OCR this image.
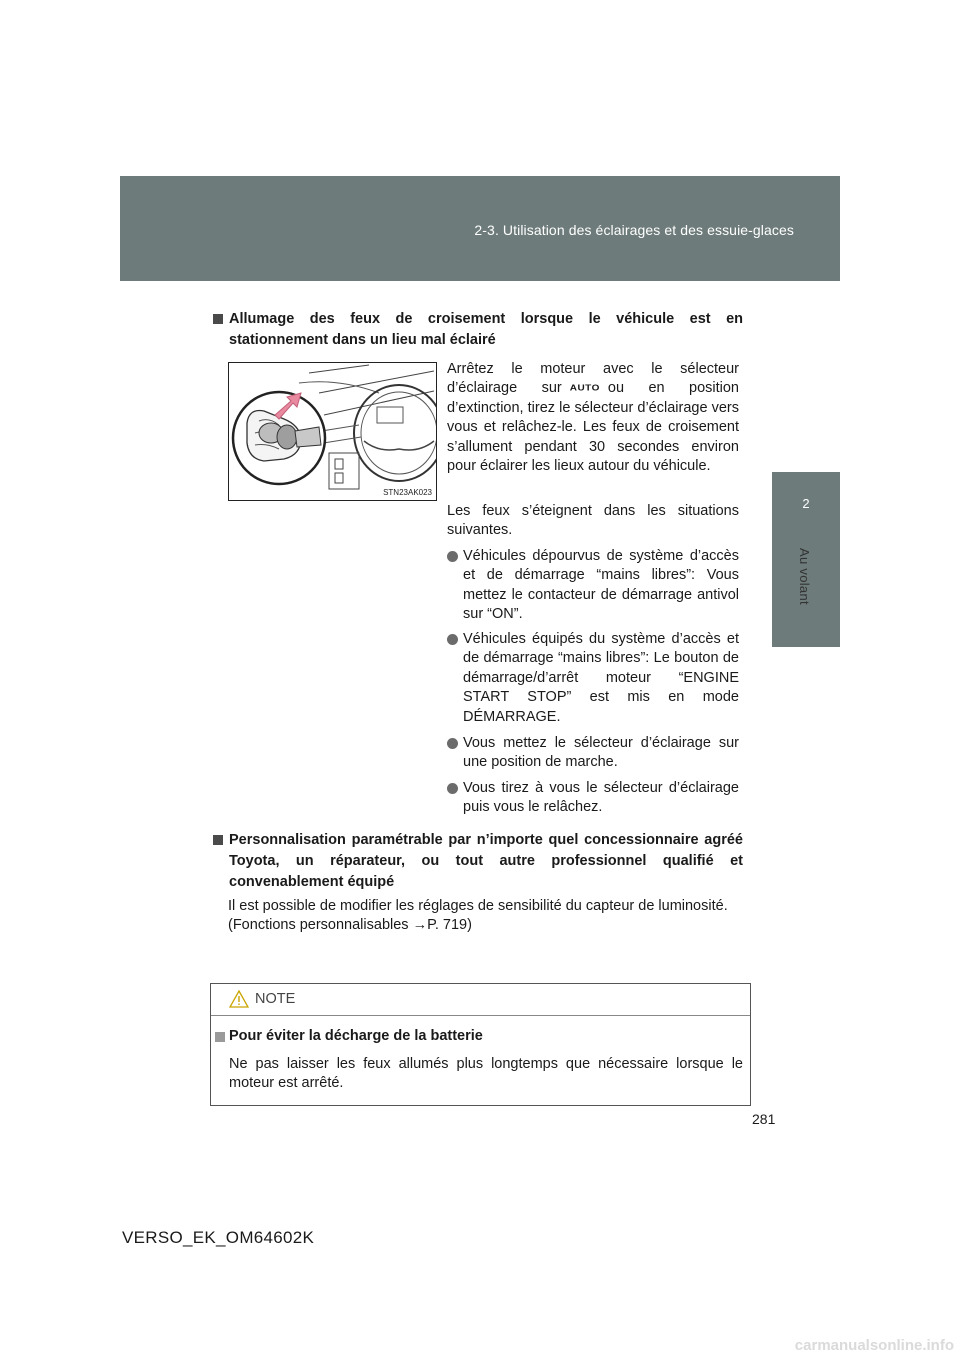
2-3. Utilisation des éclairages et des essuie-glaces
2
Au volant
Allumage des feux de croisement lorsque le véhicule est en stationnement dans un lieu mal éclairé
STN23AK023
Arrêtez le moteur avec le sélecteur d’éclairage sur AUTO ou en position d’extinction, tirez le sélecteur d’éclairage vers vous et relâchez-le. Les feux de croisement s’allument pendant 30 secondes environ pour éclairer les lieux autour du véhicule.
Les feux s’éteignent dans les situations suivantes.
Véhicules dépourvus de système d’accès et de démarrage “mains libres”: Vous mettez le contacteur de démarrage antivol sur “ON”.
Véhicules équipés du système d’accès et de démarrage “mains libres”: Le bouton de démarrage/d’arrêt moteur “ENGINE START STOP” est mis en mode DÉMARRAGE.
Vous mettez le sélecteur d’éclairage sur une position de marche.
Vous tirez à vous le sélecteur d’éclairage puis vous le relâchez.
Personnalisation paramétrable par n’importe quel concessionnaire agréé Toyota, un réparateur, ou tout autre professionnel qualifié et convenablement équipé
Il est possible de modifier les réglages de sensibilité du capteur de luminosité.
(Fonctions personnalisables →P. 719)
NOTE
Pour éviter la décharge de la batterie
Ne pas laisser les feux allumés plus longtemps que nécessaire lorsque le moteur est arrêté.
281
VERSO_EK_OM64602K
carmanualsonline.info
